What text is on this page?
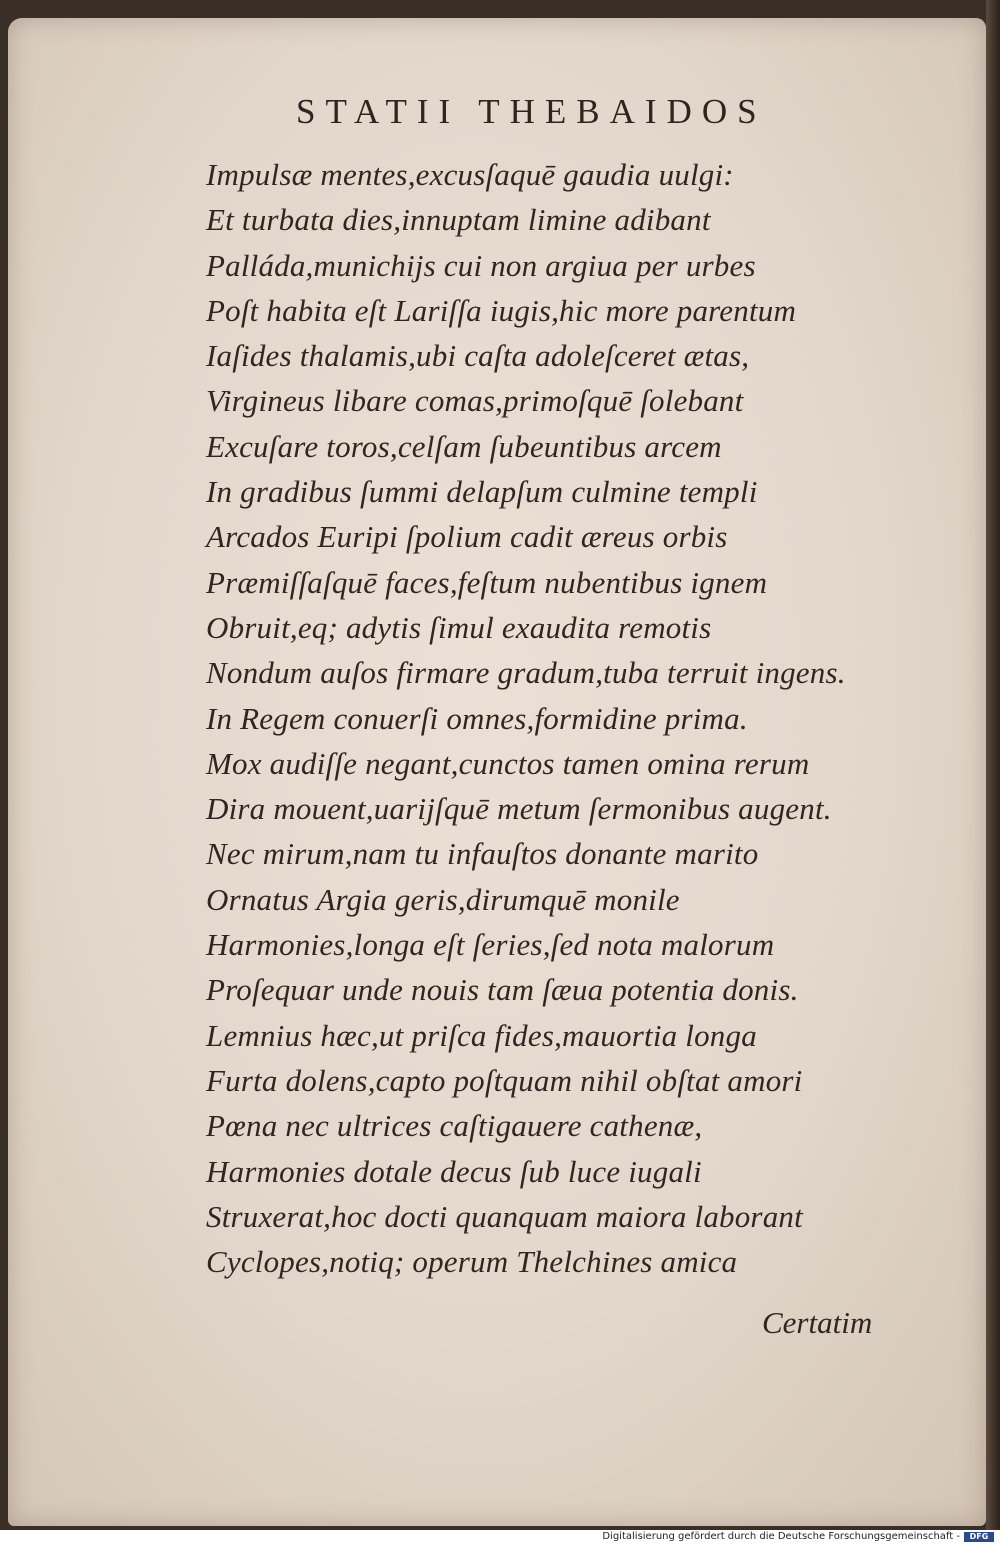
STATII THEBAIDOS
Impulsæ mentes,excusſaquē gaudia uulgi:
Et turbata dies,innuptam limine adibant
Palláda,munichijs cui non argiua per urbes
Poſt habita eſt Lariſſa iugis,hic more parentum
Iaſides thalamis,ubi caſta adoleſceret ætas,
Virgineus libare comas,primoſquē ſolebant
Excuſare toros,celſam ſubeuntibus arcem
In gradibus ſummi delapſum culmine templi
Arcados Euripi ſpolium cadit æreus orbis
Præmiſſaſquē faces,feſtum nubentibus ignem
Obruit,eq; adytis ſimul exaudita remotis
Nondum auſos firmare gradum,tuba terruit ingens.
In Regem conuerſi omnes,formidine prima.
Mox audiſſe negant,cunctos tamen omina rerum
Dira mouent,uarijſquē metum ſermonibus augent.
Nec mirum,nam tu infauſtos donante marito
Ornatus Argia geris,dirumquē monile
Harmonies,longa eſt ſeries,ſed nota malorum
Proſequar unde nouis tam ſæua potentia donis.
Lemnius hæc,ut priſca fides,mauortia longa
Furta dolens,capto poſtquam nihil obſtat amori
Pœna nec ultrices caſtigauere cathenæ,
Harmonies dotale decus ſub luce iugali
Struxerat,hoc docti quanquam maiora laborant
Cyclopes,notiq; operum Thelchines amica
Certatim
Digitalisierung gefördert durch die Deutsche Forschungsgemeinschaft -	DFG
